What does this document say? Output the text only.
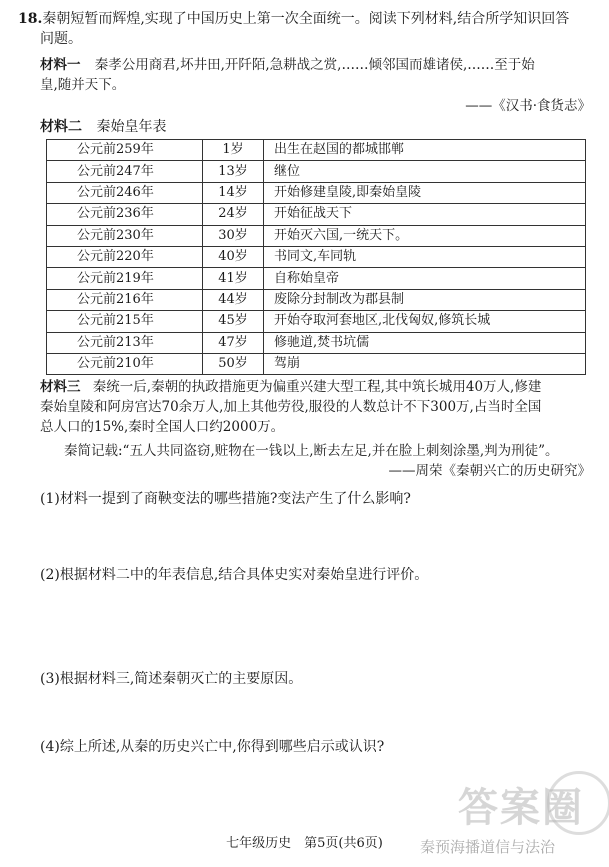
18.秦朝短暂而辉煌,实现了中国历史上第一次全面统一。阅读下列材料,结合所学知识回答
问题。
材料一 秦孝公用商君,坏井田,开阡陌,急耕战之赏,……倾邻国而雄诸侯,……至于始
皇,随并天下。
——《汉书·食货志》
材料二 秦始皇年表
公元前259年	1岁	出生在赵国的都城邯郸
公元前247年	13岁	继位
公元前246年	14岁	开始修建皇陵,即秦始皇陵
公元前236年	24岁	开始征战天下
公元前230年	30岁	开始灭六国,一统天下。
公元前220年	40岁	书同文,车同轨
公元前219年	41岁	自称始皇帝
公元前216年	44岁	废除分封制改为郡县制
公元前215年	45岁	开始夺取河套地区,北伐匈奴,修筑长城
公元前213年	47岁	修驰道,焚书坑儒
公元前210年	50岁	驾崩
材料三 秦统一后,秦朝的执政措施更为偏重兴建大型工程,其中筑长城用40万人,修建
秦始皇陵和阿房宫达70余万人,加上其他劳役,服役的人数总计不下300万,占当时全国
总人口的15%,秦时全国人口约2000万。
秦简记载:“五人共同盗窃,赃物在一钱以上,断去左足,并在脸上刺刻涂墨,判为刑徒”。
——周荣《秦朝兴亡的历史研究》
(1)材料一提到了商鞅变法的哪些措施?变法产生了什么影响?
(2)根据材料二中的年表信息,结合具体史实对秦始皇进行评价。
(3)根据材料三,简述秦朝灭亡的主要原因。
(4)综上所述,从秦的历史兴亡中,你得到哪些启示或认识?
答案圈
七年级历史　第5页(共6页)	秦预海播道信与法治
